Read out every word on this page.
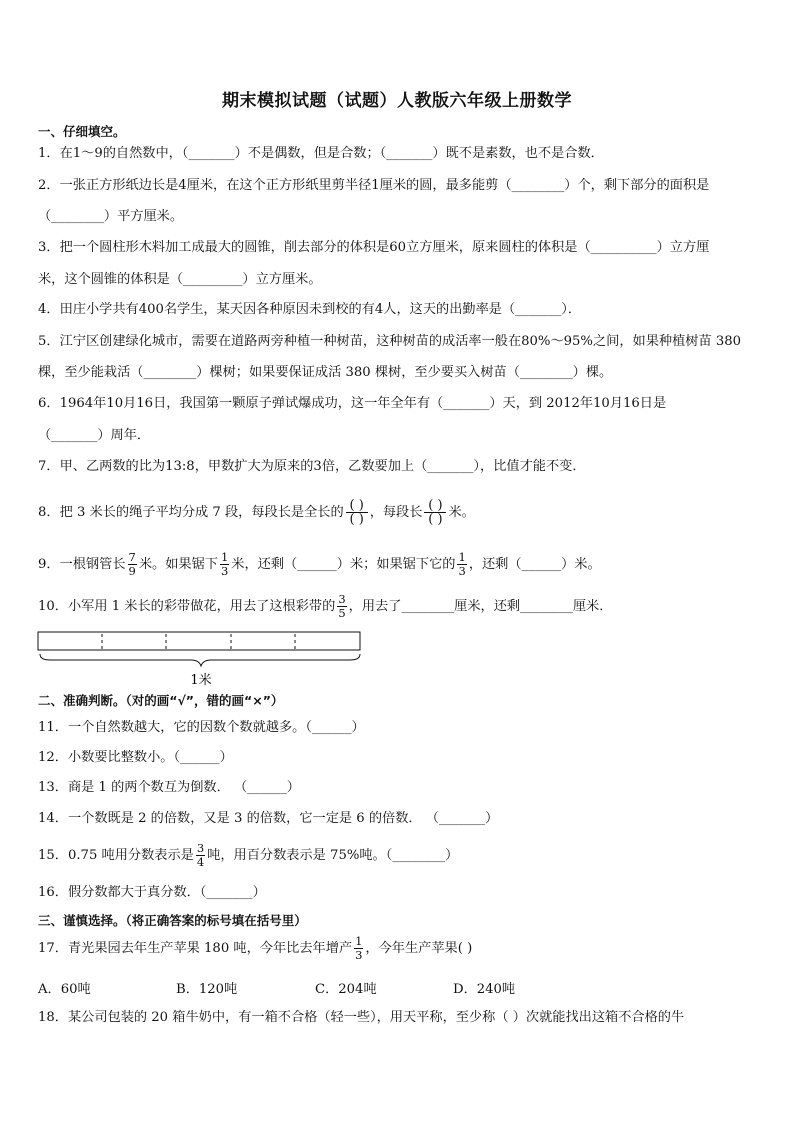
期末模拟试题（试题）人教版六年级上册数学
一、仔细填空。
1．在1～9的自然数中，（_______）不是偶数，但是合数；（_______）既不是素数，也不是合数．
2．一张正方形纸边长是4厘米，在这个正方形纸里剪半径1厘米的圆，最多能剪（________）个，剩下部分的面积是
（________）平方厘米。
3．把一个圆柱形木料加工成最大的圆锥，削去部分的体积是60立方厘米，原来圆柱的体积是（__________）立方厘
米，这个圆锥的体积是（_________）立方厘米。
4．田庄小学共有400名学生，某天因各种原因未到校的有4人，这天的出勤率是（_______）．
5．江宁区创建绿化城市，需要在道路两旁种植一种树苗，这种树苗的成活率一般在80%～95%之间，如果种植树苗 380
棵，至少能栽活（________）棵树；如果要保证成活 380 棵树，至少要买入树苗（________）棵。
6．1964年10月16日，我国第一颗原子弹试爆成功，这一年全年有（_______）天，到 2012年10月16日是
（_______）周年．
7．甲、乙两数的比为13:8，甲数扩大为原来的3倍，乙数要加上（_______），比值才能不变．
8．把 3 米长的绳子平均分成 7 段，每段长是全长的 $\frac{( )}{( )}$ ，每段长 $\frac{( )}{( )}$ 米。
9．一根钢管长 $\frac{7}{9}$ 米。如果锯下 $\frac{1}{3}$ 米，还剩（______）米；如果锯下它的 $\frac{1}{3}$ ，还剩（______）米。
10．小军用 1 米长的彩带做花，用去了这根彩带的 $\frac{3}{5}$ ，用去了________厘米，还剩________厘米．
1米
二、准确判断。（对的画“√”，错的画“×”）
11．一个自然数越大，它的因数个数就越多。（______）
12．小数要比整数小。（______）
13．商是 1 的两个数互为倒数． （______）
14．一个数既是 2 的倍数，又是 3 的倍数，它一定是 6 的倍数． （_______）
15．0.75 吨用分数表示是 $\frac{3}{4}$ 吨，用百分数表示是 75%吨。（________）
16．假分数都大于真分数．（_______）
三、谨慎选择。（将正确答案的标号填在括号里）
17．青光果园去年生产苹果 180 吨，今年比去年增产 $\frac{1}{3}$ ，今年生产苹果( )
A．60吨	B．120吨	C．204吨	D．240吨
18．某公司包装的 20 箱牛奶中，有一箱不合格（轻一些），用天平称，至少称（ ）次就能找出这箱不合格的牛
